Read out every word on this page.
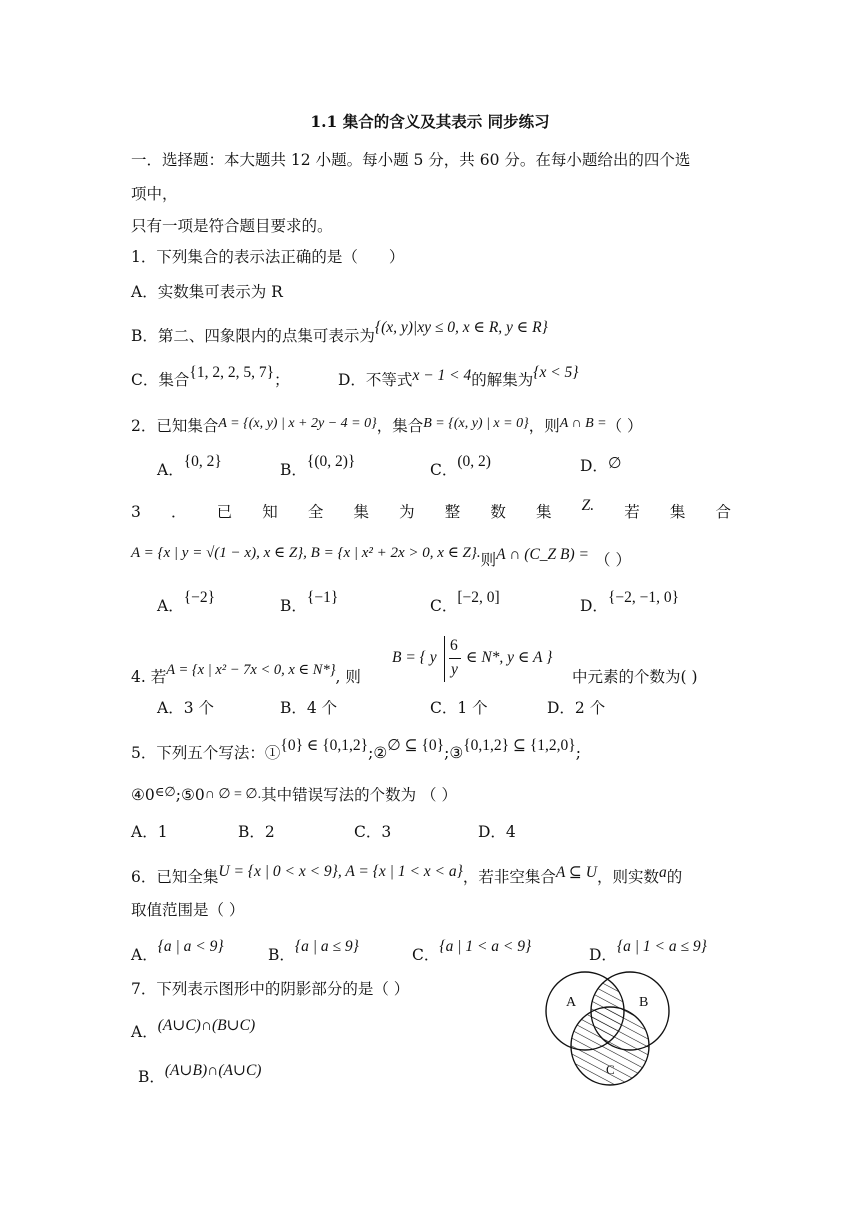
1.1 集合的含义及其表示 同步练习
一．选择题：本大题共 12 小题。每小题 5 分，共 60 分。在每小题给出的四个选
项中，
只有一项是符合题目要求的。
1．下列集合的表示法正确的是（　　）
A．实数集可表示为 R
B．第二、四象限内的点集可表示为{(x, y)|xy ≤ 0, x ∈ R, y ∈ R}
C．集合{1, 2, 2, 5, 7}；	D．不等式x − 1 < 4的解集为{x < 5}
2．已知集合A = {(x, y) | x + 2y − 4 = 0}，集合B = {(x, y) | x = 0}，则A ∩ B =（ ）
A．{0, 2}	B．{(0, 2)}	C．(0, 2)	D．∅
3 ． 已 知 全 集 为 整 数 集 Z. 若 集 合
A = {x | y = √(1 − x), x ∈ Z}, B = {x | x² + 2x > 0, x ∈ Z}.则A ∩ (C_Z B) = （ ）
A．{−2}	B．{−1}	C．[−2, 0]	D．{−2, −1, 0}
4. 若A = {x | x² − 7x < 0, x ∈ N*}, 则
B = { y
6
y
∈ N*, y ∈ A }
中元素的个数为( )
A．3 个	B．4 个	C．1 个	D．2 个
5．下列五个写法：①{0} ∈ {0,1,2};②∅ ⊆ {0};③{0,1,2} ⊆ {1,2,0};
④0∈∅;⑤0∩ ∅ = ∅.其中错误写法的个数为 （ ）
A．1	B．2	C．3	D．4
6．已知全集U = {x | 0 < x < 9}, A = {x | 1 < x < a}，若非空集合A ⊆ U，则实数a的
取值范围是（ ）
A．{a | a < 9}	B．{a | a ≤ 9}	C．{a | 1 < a < 9}	D．{a | 1 < a ≤ 9}
7．下列表示图形中的阴影部分的是（ ）
A．(A∪C)∩(B∪C)
B．(A∪B)∩(A∪C)
A	B
C
